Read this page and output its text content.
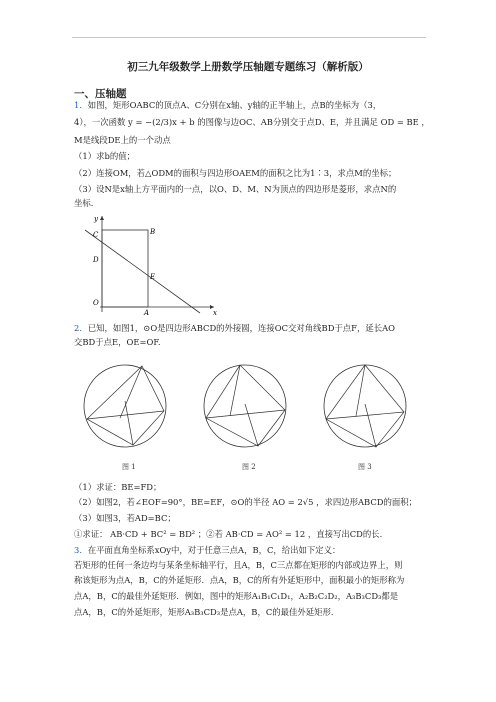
初三九年级数学上册数学压轴题专题练习（解析版）
一、压轴题
1．如图，矩形OABC的顶点A、C分别在x轴、y轴的正半轴上，点B的坐标为（3，
4），一次函数 y = −(2/3)x + b 的图像与边OC、AB分别交于点D、E，并且满足 OD = BE ，
M是线段DE上的一个动点
（1）求b的值；
（2）连接OM，若△ODM的面积与四边形OAEM的面积之比为1∶3，求点M的坐标；
（3）设N是x轴上方平面内的一点，以O、D、M、N为顶点的四边形是菱形，求点N的
坐标.
y
x
C	B
D
E
O
A
2．已知，如图1，⊙O是四边形ABCD的外接圆，连接OC交对角线BD于点F，延长AO
交BD于点E，OE=OF.
图 1	图 2	图 3
（1）求证：BE=FD；
（2）如图2，若∠EOF=90°，BE=EF，⊙O的半径 AO = 2√5 ，求四边形ABCD的面积；
（3）如图3，若AD=BC；
①求证： AB·CD + BC² = BD² ；②若 AB·CD = AO² = 12 ，直接写出CD的长.
3．在平面直角坐标系xOy中，对于任意三点A，B，C，给出如下定义：
若矩形的任何一条边均与某条坐标轴平行，且A，B，C三点都在矩形的内部或边界上，则
称该矩形为点A，B，C的外延矩形．点A，B，C的所有外延矩形中，面积最小的矩形称为
点A，B，C的最佳外延矩形．例如，图中的矩形A₁B₁C₁D₁，A₂B₂C₂D₂，A₃B₃CD₃都是
点A，B，C的外延矩形，矩形A₃B₃CD₃是点A，B，C的最佳外延矩形．
